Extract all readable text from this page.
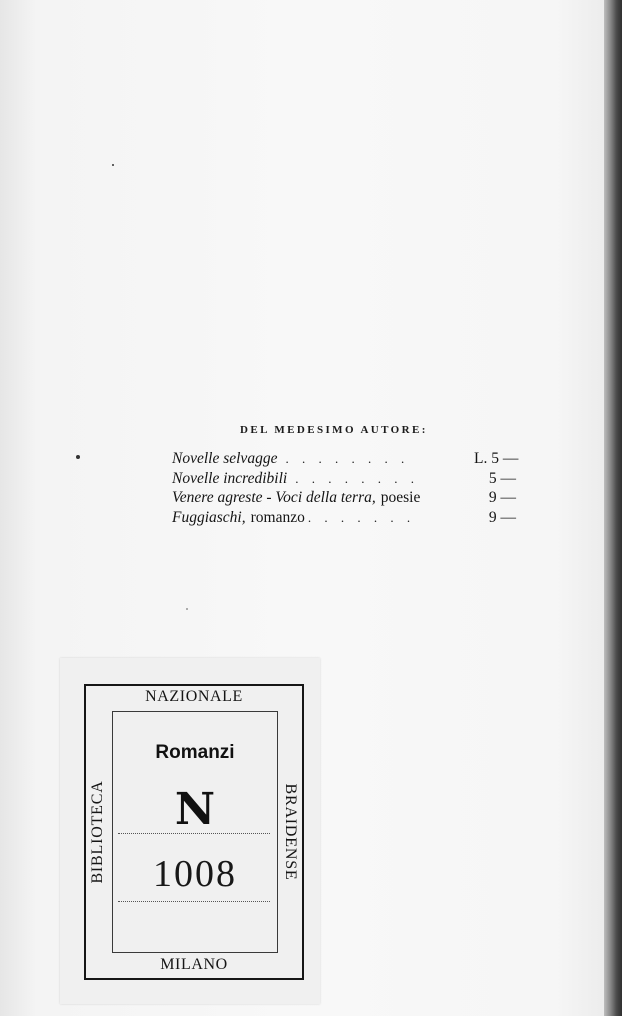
DEL MEDESIMO AUTORE:
Novelle selvagge . . . . . . . .	L. 5 —
Novelle incredibili . . . . . . . .	5 —
Venere agreste - Voci della terra, poesie	9 —
Fuggiaschi, romanzo . . . . . . .	9 —
NAZIONALE
BIBLIOTECA	BRAIDENSE
MILANO
Romanzi
N
1008
